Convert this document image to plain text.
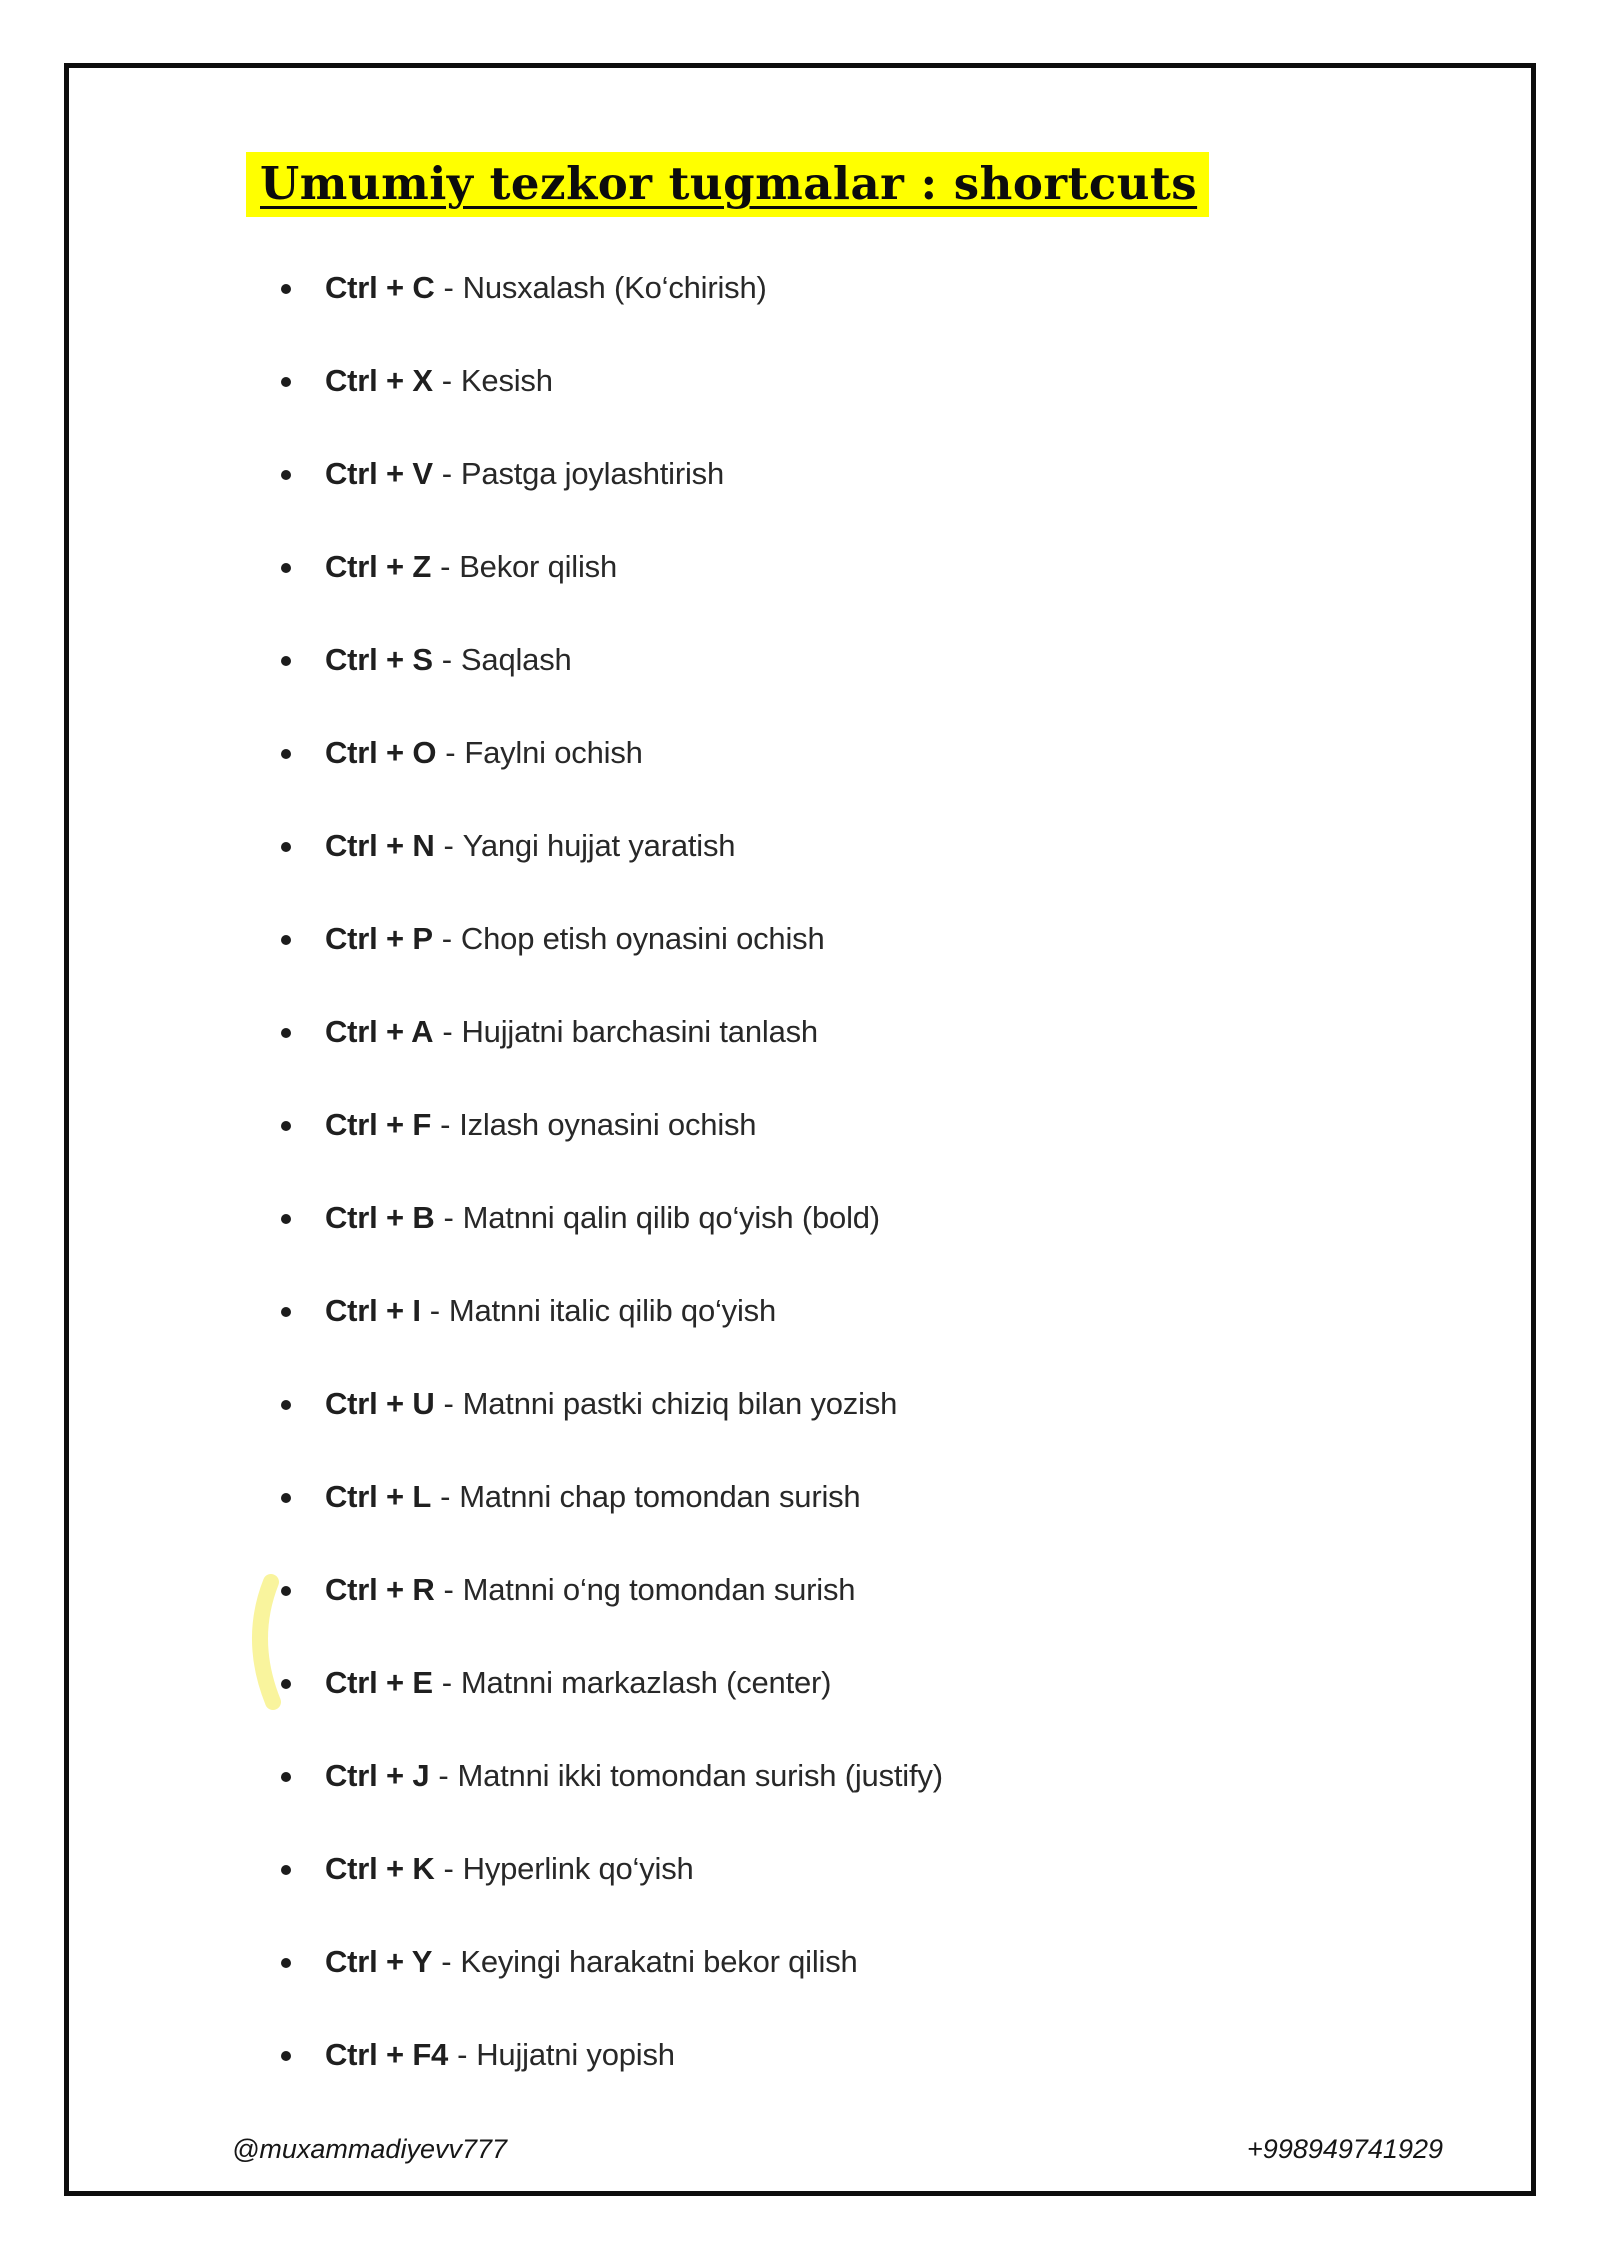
Umumiy tezkor tugmalar : shortcuts
Ctrl + C - Nusxalash (Ko‘chirish)
Ctrl + X - Kesish
Ctrl + V - Pastga joylashtirish
Ctrl + Z - Bekor qilish
Ctrl + S - Saqlash
Ctrl + O - Faylni ochish
Ctrl + N - Yangi hujjat yaratish
Ctrl + P - Chop etish oynasini ochish
Ctrl + A - Hujjatni barchasini tanlash
Ctrl + F - Izlash oynasini ochish
Ctrl + B - Matnni qalin qilib qo‘yish (bold)
Ctrl + I - Matnni italic qilib qo‘yish
Ctrl + U - Matnni pastki chiziq bilan yozish
Ctrl + L - Matnni chap tomondan surish
Ctrl + R - Matnni o‘ng tomondan surish
Ctrl + E - Matnni markazlash (center)
Ctrl + J - Matnni ikki tomondan surish (justify)
Ctrl + K - Hyperlink qo‘yish
Ctrl + Y - Keyingi harakatni bekor qilish
Ctrl + F4 - Hujjatni yopish
@muxammadiyevv777	+998949741929
